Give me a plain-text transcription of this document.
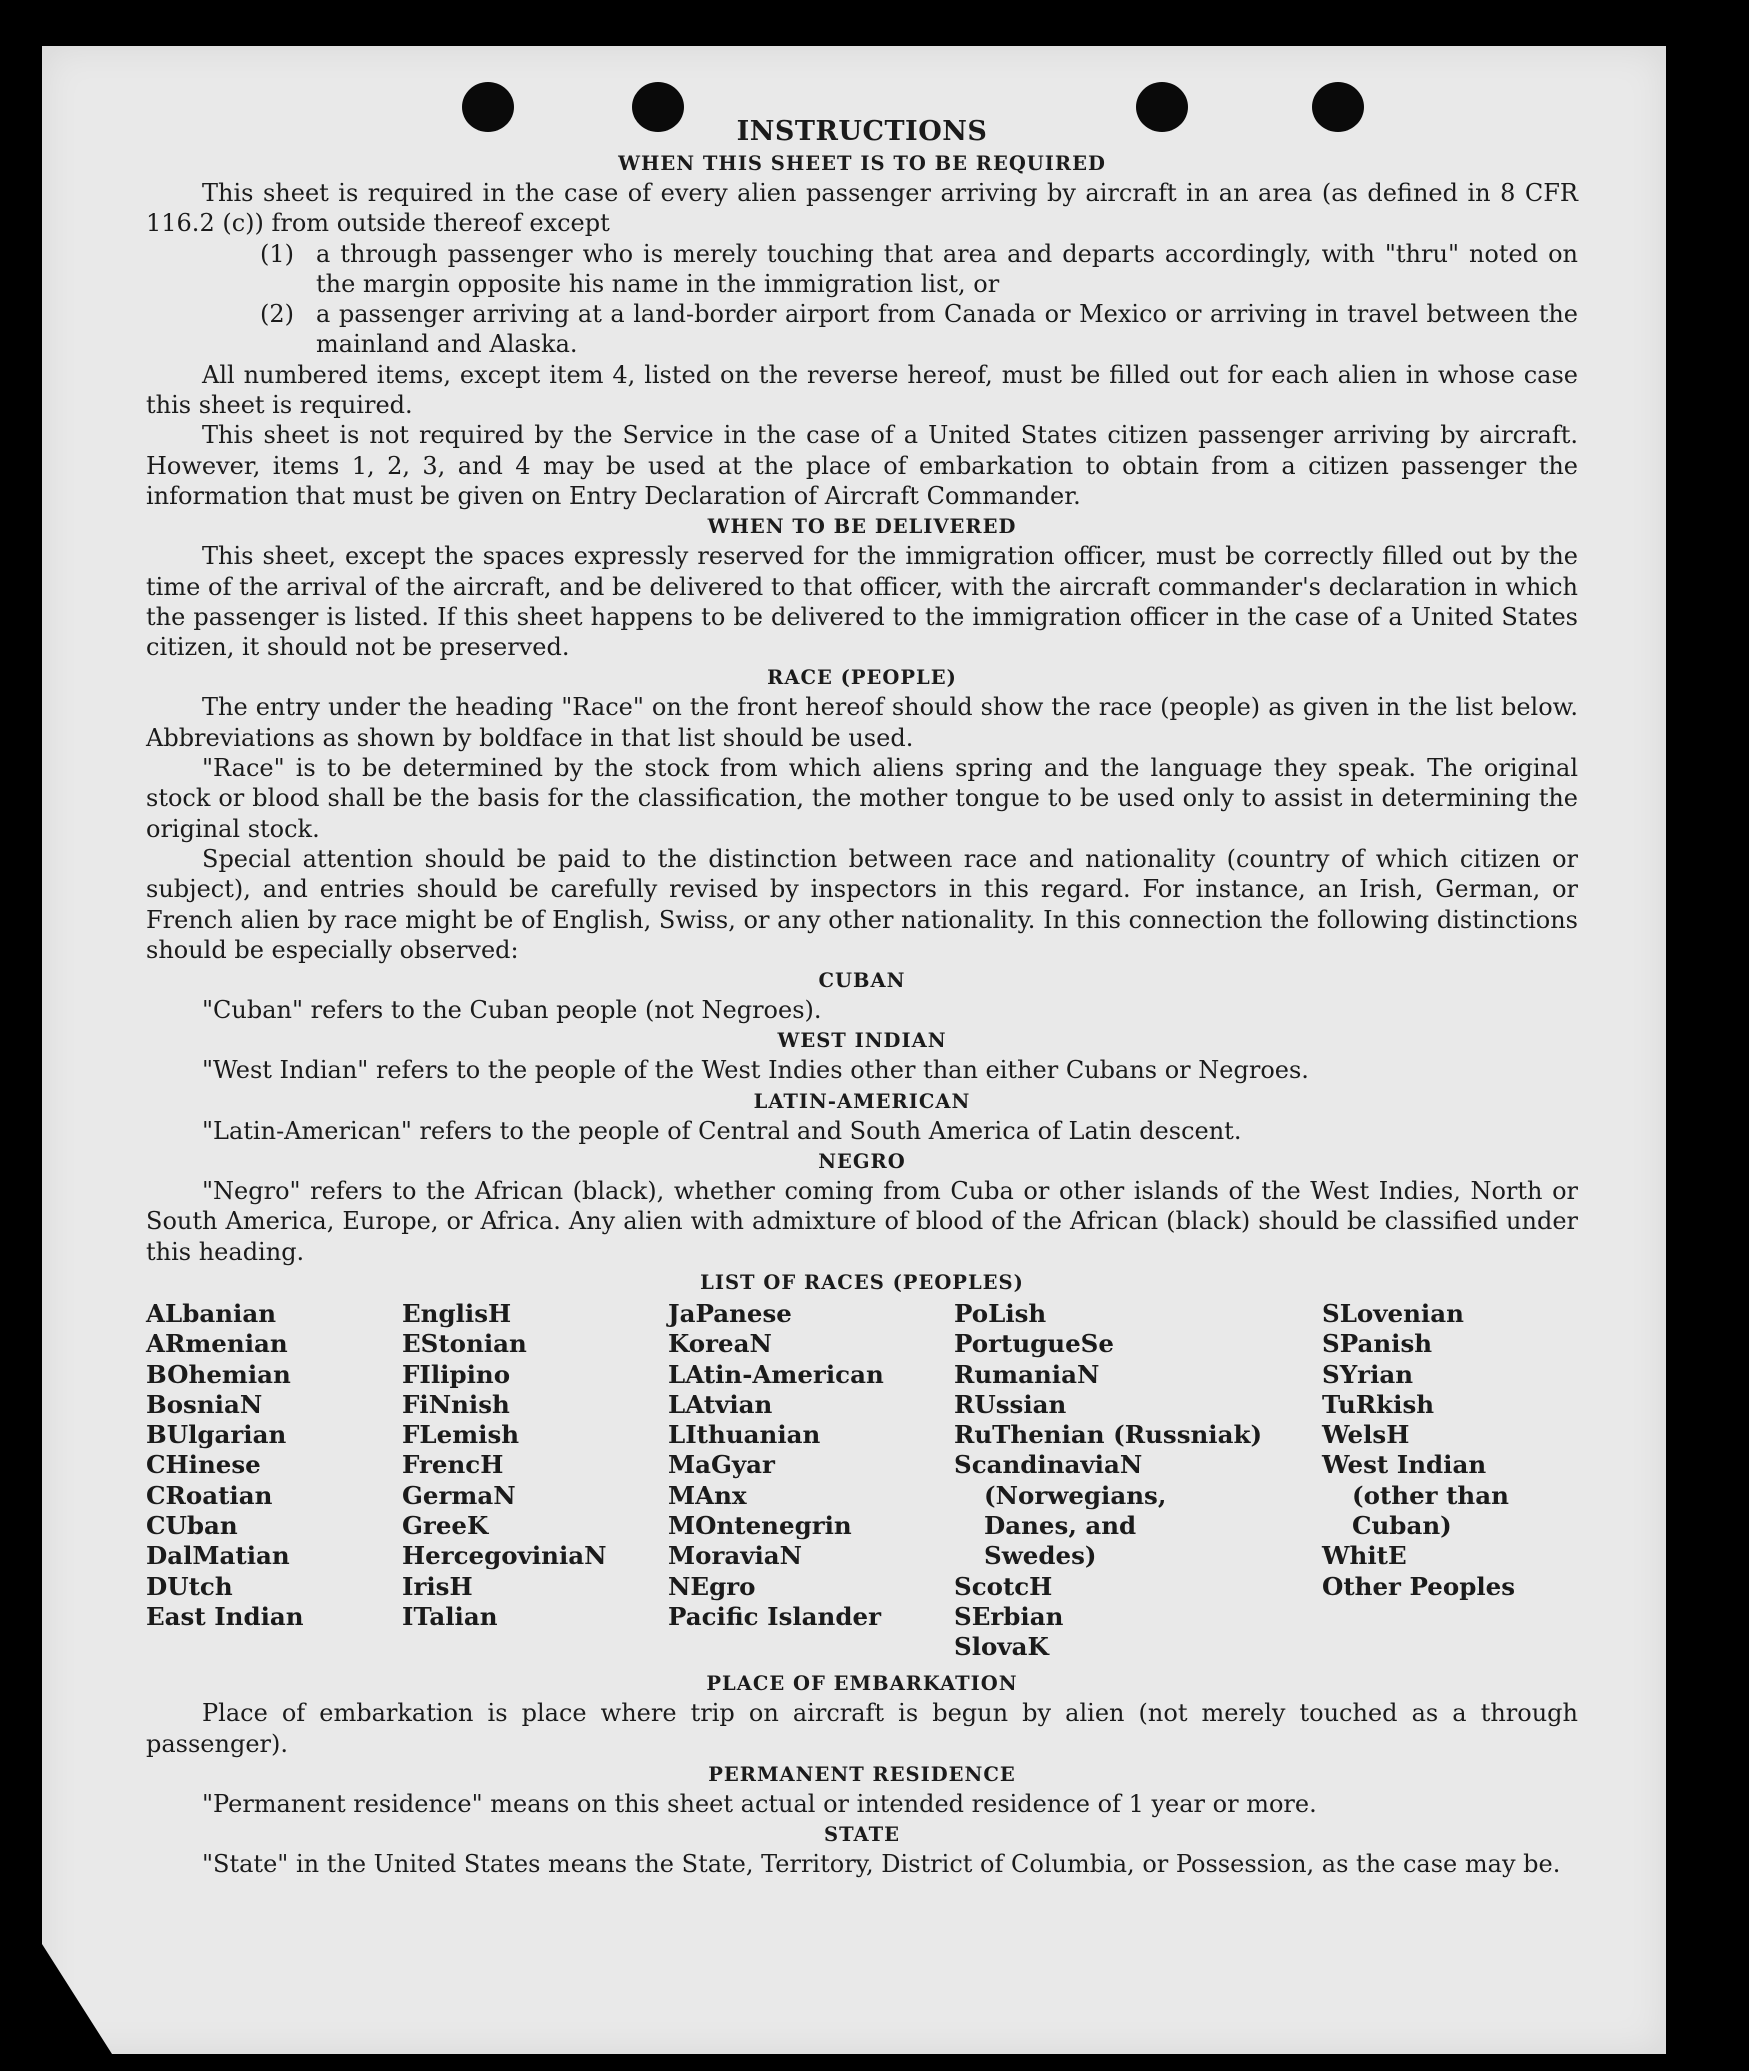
INSTRUCTIONS
WHEN THIS SHEET IS TO BE REQUIRED

This sheet is required in the case of every alien passenger arriving by aircraft in an area (as defined in 8 CFR 116.2 (c)) from outside thereof except

(1) a through passenger who is merely touching that area and departs accordingly, with "thru" noted on the margin opposite his name in the immigration list, or

(2) a passenger arriving at a land-border airport from Canada or Mexico or arriving in travel between the mainland and Alaska.

All numbered items, except item 4, listed on the reverse hereof, must be filled out for each alien in whose case this sheet is required.

This sheet is not required by the Service in the case of a United States citizen passenger arriving by aircraft. However, items 1, 2, 3, and 4 may be used at the place of embarkation to obtain from a citizen passenger the information that must be given on Entry Declaration of Aircraft Commander.

WHEN TO BE DELIVERED

This sheet, except the spaces expressly reserved for the immigration officer, must be correctly filled out by the time of the arrival of the aircraft, and be delivered to that officer, with the aircraft commander's declaration in which the passenger is listed. If this sheet happens to be delivered to the immigration officer in the case of a United States citizen, it should not be preserved.

RACE (PEOPLE)

The entry under the heading "Race" on the front hereof should show the race (people) as given in the list below. Abbreviations as shown by boldface in that list should be used.

"Race" is to be determined by the stock from which aliens spring and the language they speak. The original stock or blood shall be the basis for the classification, the mother tongue to be used only to assist in determining the original stock.

Special attention should be paid to the distinction between race and nationality (country of which citizen or subject), and entries should be carefully revised by inspectors in this regard. For instance, an Irish, German, or French alien by race might be of English, Swiss, or any other nationality. In this connection the following distinctions should be especially observed:

CUBAN

"Cuban" refers to the Cuban people (not Negroes).

WEST INDIAN

"West Indian" refers to the people of the West Indies other than either Cubans or Negroes.

LATIN-AMERICAN

"Latin-American" refers to the people of Central and South America of Latin descent.

NEGRO

"Negro" refers to the African (black), whether coming from Cuba or other islands of the West Indies, North or South America, Europe, or Africa. Any alien with admixture of blood of the African (black) should be classified under this heading.

LIST OF RACES (PEOPLES)
ALbanian
ARmenian
BOhemian
BosniaN
BUlgarian
CHinese
CRoatian
CUban
DalMatian
DUtch
East Indian
EnglisH
EStonian
FIlipino
FiNnish
FLemish
FrencH
GermaN
GreeK
HercegoviniaN
IrisH
ITalian
JaPanese
KoreaN
LAtin-American
LAtvian
LIthuanian
MaGyar
MAnx
MOntenegrin
MoraviaN
NEgro
Pacific Islander
PoLish
PortugueSe
RumaniaN
RUssian
RuThenian (Russniak)
ScandinaviaN (Norwegians, Danes, and Swedes)
ScotcH
SErbian
SlovaK
SLovenian
SPanish
SYrian
TuRkish
WelsH
West Indian (other than Cuban)
WhitE
Other Peoples
PLACE OF EMBARKATION

Place of embarkation is place where trip on aircraft is begun by alien (not merely touched as a through passenger).

PERMANENT RESIDENCE

"Permanent residence" means on this sheet actual or intended residence of 1 year or more.

STATE

"State" in the United States means the State, Territory, District of Columbia, or Possession, as the case may be.
